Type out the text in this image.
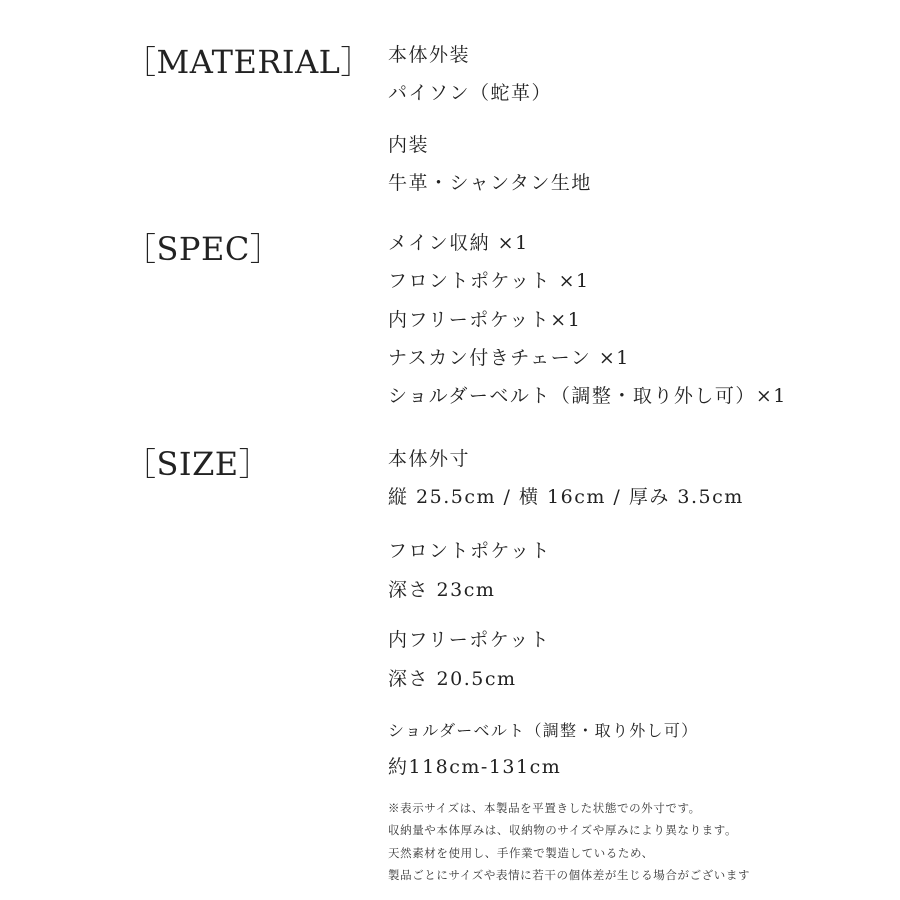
［MATERIAL］ 本体外装
パイソン（蛇革）
内装
牛革・シャンタン生地
［SPEC］	メイン収納 ×1
フロントポケット ×1
内フリーポケット×1
ナスカン付きチェーン ×1
ショルダーベルト（調整・取り外し可）×1
［SIZE］	本体外寸
縦 25.5cm / 横 16cm / 厚み 3.5cm
フロントポケット
深さ 23cm
内フリーポケット
深さ 20.5cm
ショルダーベルト（調整・取り外し可）
約118cm-131cm
※表示サイズは、本製品を平置きした状態での外寸です。
収納量や本体厚みは、収納物のサイズや厚みにより異なります。
天然素材を使用し、手作業で製造しているため、
製品ごとにサイズや表情に若干の個体差が生じる場合がございます
